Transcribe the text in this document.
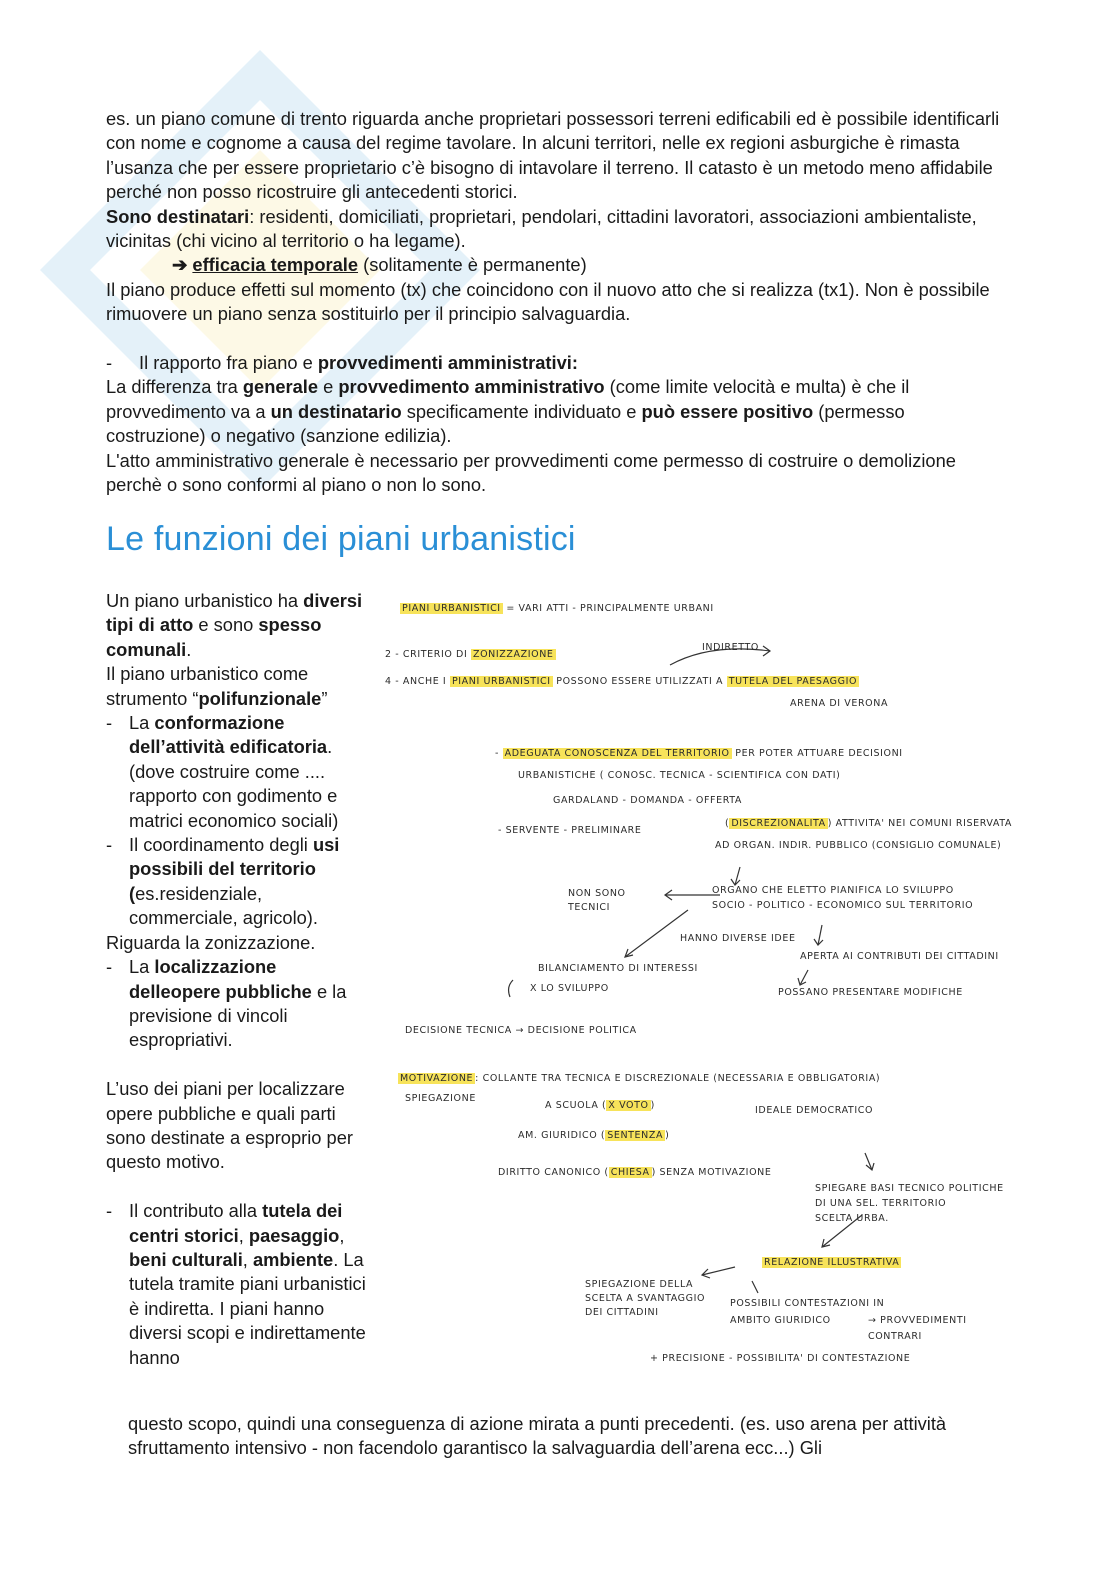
es. un piano comune di trento riguarda anche proprietari possessori terreni edificabili ed è possibile identificarli con nome e cognome a causa del regime tavolare. In alcuni territori, nelle ex regioni asburgiche è rimasta l’usanza che per essere proprietario c’è bisogno di intavolare il terreno. Il catasto è un metodo meno affidabile perché non posso ricostruire gli antecedenti storici.

Sono destinatari: residenti, domiciliati, proprietari, pendolari, cittadini lavoratori, associazioni ambientaliste, vicinitas (chi vicino al territorio o ha legame).

➔ efficacia temporale (solitamente è permanente)

Il piano produce effetti sul momento (tx) che coincidono con il nuovo atto che si realizza (tx1). Non è possibile rimuovere un piano senza sostituirlo per il principio salvaguardia.

- Il rapporto fra piano e provvedimenti amministrativi:

La differenza tra generale e provvedimento amministrativo (come limite velocità e multa) è che il provvedimento va a un destinatario specificamente individuato e può essere positivo (permesso costruzione) o negativo (sanzione edilizia).

L'atto amministrativo generale è necessario per provvedimenti come permesso di costruire o demolizione perchè o sono conformi al piano o non lo sono.

Le funzioni dei piani urbanistici

Un piano urbanistico ha diversi tipi di atto e sono spesso comunali.

Il piano urbanistico come strumento “polifunzionale”

- La conformazione dell’attività edificatoria. (dove costruire come .... rapporto con godimento e matrici economico sociali)

- Il coordinamento degli usi possibili del territorio (es.residenziale, commerciale, agricolo).

Riguarda la zonizzazione.

- La localizzazione delleopere pubbliche e la previsione di vincoli espropriativi.

L’uso dei piani per localizzare opere pubbliche e quali parti sono destinate a esproprio per questo motivo.

- Il contributo alla tutela dei centri storici, paesaggio, beni culturali, ambiente. La tutela tramite piani urbanistici è indiretta. I piani hanno diversi scopi e indirettamente hanno

questo scopo, quindi una conseguenza di azione mirata a punti precedenti. (es. uso arena per attività sfruttamento intensivo - non facendolo garantisco la salvaguardia dell’arena ecc...) Gli

PIANI URBANISTICI = VARI ATTI - PRINCIPALMENTE URBANI
2 - CRITERIO DI ZONIZZAZIONE
INDIRETTO
4 - ANCHE I PIANI URBANISTICI POSSONO ESSERE UTILIZZATI A TUTELA DEL PAESAGGIO
ARENA DI VERONA
- ADEGUATA CONOSCENZA DEL TERRITORIO PER POTER ATTUARE DECISIONI
URBANISTICHE ( CONOSC. TECNICA - SCIENTIFICA CON DATI)
GARDALAND - DOMANDA - OFFERTA
- SERVENTE - PRELIMINARE
( DISCREZIONALITA ) ATTIVITA' NEI COMUNI RISERVATA
AD ORGAN. INDIR. PUBBLICO (CONSIGLIO COMUNALE)
NON SONO
TECNICI
ORGANO CHE ELETTO PIANIFICA LO SVILUPPO
SOCIO - POLITICO - ECONOMICO SUL TERRITORIO
HANNO DIVERSE IDEE
BILANCIAMENTO DI INTERESSI
X LO SVILUPPO
APERTA AI CONTRIBUTI DEI CITTADINI
POSSANO PRESENTARE MODIFICHE
DECISIONE TECNICA → DECISIONE POLITICA
MOTIVAZIONE : COLLANTE TRA TECNICA E DISCREZIONALE (NECESSARIA E OBBLIGATORIA)
SPIEGAZIONE
A SCUOLA ( X VOTO )	IDEALE DEMOCRATICO
AM. GIURIDICO ( SENTENZA )
DIRITTO CANONICO ( CHIESA ) SENZA MOTIVAZIONE
SPIEGARE BASI TECNICO POLITICHE
DI UNA SEL. TERRITORIO
SCELTA URBA.
RELAZIONE ILLUSTRATIVA
SPIEGAZIONE DELLA
SCELTA A SVANTAGGIO
DEI CITTADINI
POSSIBILI CONTESTAZIONI IN
AMBITO GIURIDICO	→ PROVVEDIMENTI
CONTRARI
+ PRECISIONE - POSSIBILITA' DI CONTESTAZIONE
